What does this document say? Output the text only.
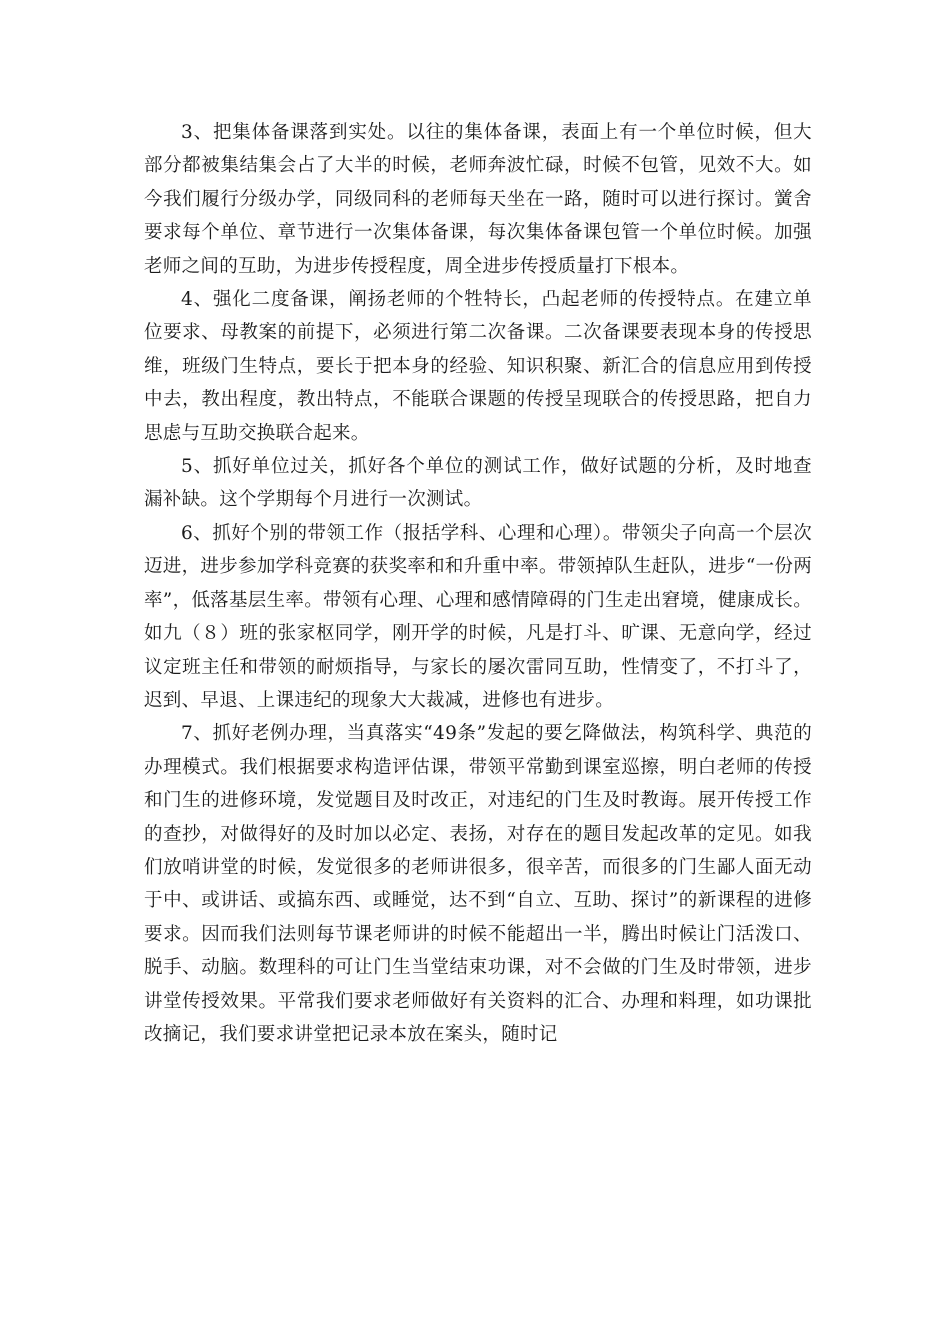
3、把集体备课落到实处。以往的集体备课，表面上有一个单位时候，但大部分都被集结集会占了大半的时候，老师奔波忙碌，时候不包管，见效不大。如今我们履行分级办学，同级同科的老师每天坐在一路，随时可以进行探讨。黉舍要求每个单位、章节进行一次集体备课，每次集体备课包管一个单位时候。加强老师之间的互助，为进步传授程度，周全进步传授质量打下根本。

4、强化二度备课，阐扬老师的个牲特长，凸起老师的传授特点。在建立单位要求、母教案的前提下，必须进行第二次备课。二次备课要表现本身的传授思维，班级门生特点，要长于把本身的经验、知识积聚、新汇合的信息应用到传授中去，教出程度，教出特点，不能联合课题的传授呈现联合的传授思路，把自力思虑与互助交换联合起来。

5、抓好单位过关，抓好各个单位的测试工作，做好试题的分析，及时地查漏补缺。这个学期每个月进行一次测试。

6、抓好个别的带领工作（报括学科、心理和心理）。带领尖子向高一个层次迈进，进步参加学科竞赛的获奖率和和升重中率。带领掉队生赶队，进步“一份两率”，低落基层生率。带领有心理、心理和感情障碍的门生走出窘境，健康成长。如九（８）班的张家枢同学，刚开学的时候，凡是打斗、旷课、无意向学，经过议定班主任和带领的耐烦指导，与家长的屡次雷同互助，性情变了，不打斗了，迟到、早退、上课违纪的现象大大裁减，进修也有进步。

7、抓好老例办理，当真落实“49条”发起的要乞降做法，构筑科学、典范的办理模式。我们根据要求构造评估课，带领平常勤到课室巡擦，明白老师的传授和门生的进修环境，发觉题目及时改正，对违纪的门生及时教诲。展开传授工作的查抄，对做得好的及时加以必定、表扬，对存在的题目发起改革的定见。如我们放哨讲堂的时候，发觉很多的老师讲很多，很辛苦，而很多的门生鄙人面无动于中、或讲话、或搞东西、或睡觉，达不到“自立、互助、探讨”的新课程的进修要求。因而我们法则每节课老师讲的时候不能超出一半，腾出时候让门活泼口、脱手、动脑。数理科的可让门生当堂结束功课，对不会做的门生及时带领，进步讲堂传授效果。平常我们要求老师做好有关资料的汇合、办理和料理，如功课批改摘记，我们要求讲堂把记录本放在案头，随时记
